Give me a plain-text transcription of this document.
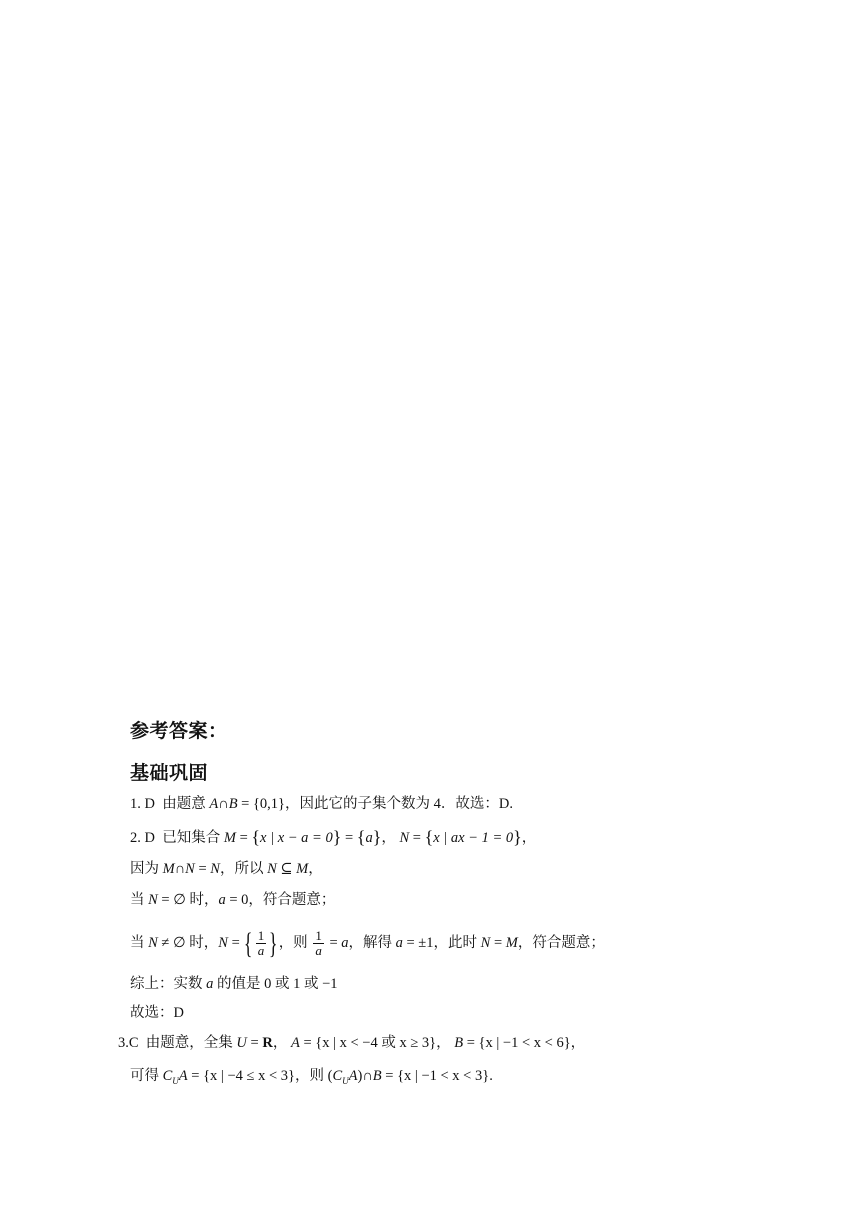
参考答案：
基础巩固
1. D 由题意 A∩B = {0,1}，因此它的子集个数为 4．故选：D.
2. D 已知集合 M = {x | x − a = 0} = {a}， N = {x | ax − 1 = 0}，
因为 M∩N = N，所以 N ⊆ M，
当 N = ∅ 时，a = 0，符合题意；
当 N ≠ ∅ 时，N = { $\frac{1}{a}$ }，则 $\frac{1}{a} = a$，解得 a = ±1，此时 N = M，符合题意；
综上：实数 a 的值是 0 或 1 或 −1
故选：D
3.C 由题意，全集 U = R， A = {x | x < −4 或 x ≥ 3}， B = {x | −1 < x < 6}，
可得 $C_UA = \{x$ | −4 ≤ x < 3}，则 $(C_UA)\cap B = \{x$ | −1 < x < 3}.
